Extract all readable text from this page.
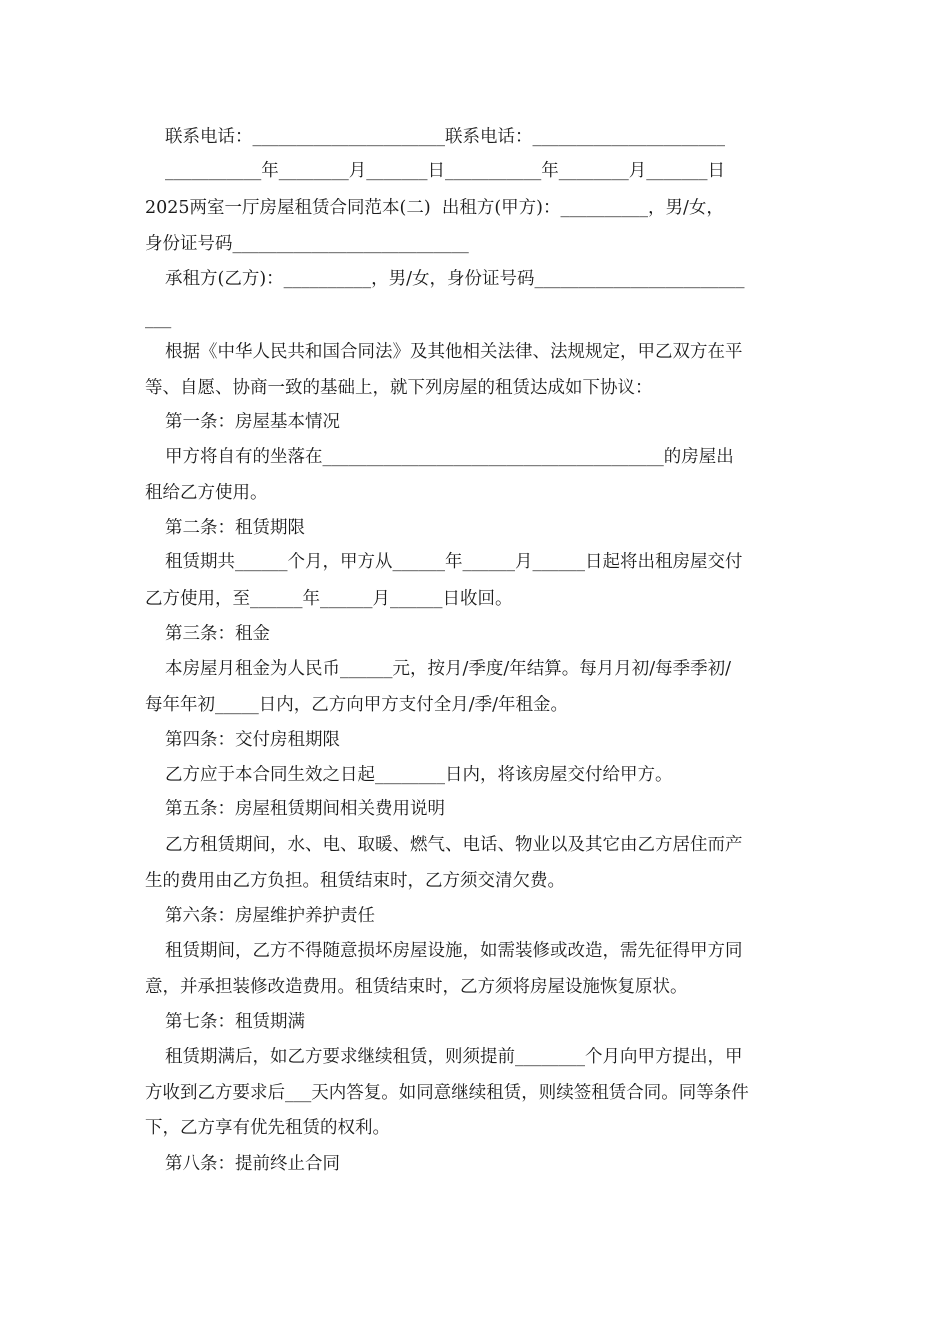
联系电话：______________________联系电话：______________________
___________年________月_______日___________年________月_______日
2025两室一厅房屋租赁合同范本(二)  出租方(甲方)：__________，男/女，
身份证号码___________________________
承租方(乙方)：__________，男/女，身份证号码________________________
___
根据《中华人民共和国合同法》及其他相关法律、法规规定，甲乙双方在平
等、自愿、协商一致的基础上，就下列房屋的租赁达成如下协议：
第一条：房屋基本情况
甲方将自有的坐落在_______________________________________的房屋出
租给乙方使用。
第二条：租赁期限
租赁期共______个月，甲方从______年______月______日起将出租房屋交付
乙方使用，至______年______月______日收回。
第三条：租金
本房屋月租金为人民币______元，按月/季度/年结算。每月月初/每季季初/
每年年初_____日内，乙方向甲方支付全月/季/年租金。
第四条：交付房租期限
乙方应于本合同生效之日起________日内，将该房屋交付给甲方。
第五条：房屋租赁期间相关费用说明
乙方租赁期间，水、电、取暖、燃气、电话、物业以及其它由乙方居住而产
生的费用由乙方负担。租赁结束时，乙方须交清欠费。
第六条：房屋维护养护责任
租赁期间，乙方不得随意损坏房屋设施，如需装修或改造，需先征得甲方同
意，并承担装修改造费用。租赁结束时，乙方须将房屋设施恢复原状。
第七条：租赁期满
租赁期满后，如乙方要求继续租赁，则须提前________个月向甲方提出，甲
方收到乙方要求后___天内答复。如同意继续租赁，则续签租赁合同。同等条件
下，乙方享有优先租赁的权利。
第八条：提前终止合同
